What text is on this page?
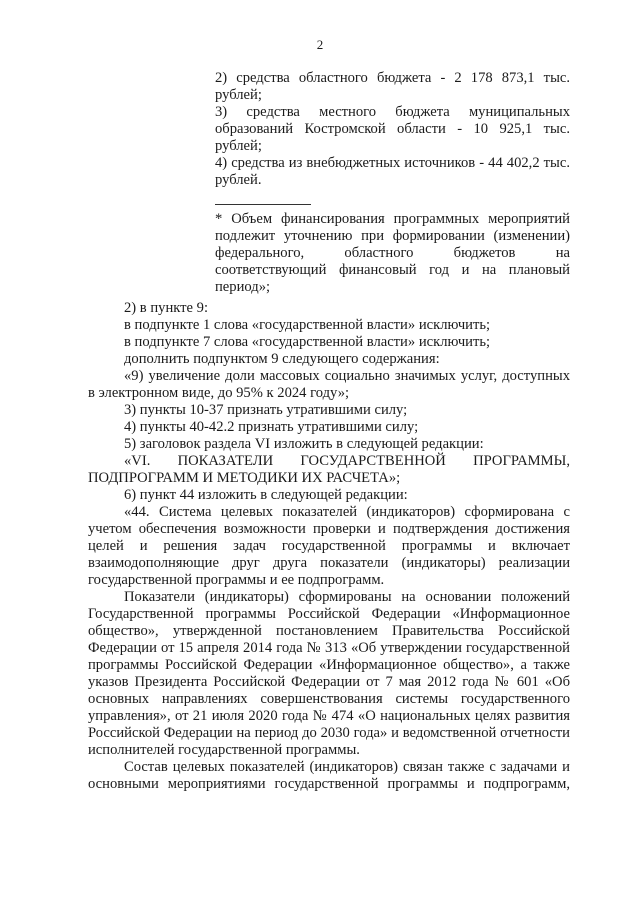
2

2) средства областного бюджета - 2 178 873,1 тыс. рублей;

3) средства местного бюджета муниципальных образований Костромской области - 10 925,1 тыс. рублей;

4) средства из внебюджетных источников - 44 402,2 тыс. рублей.

* Объем финансирования программных мероприятий подлежит уточнению при формировании (изменении) федерального, областного бюджетов на соответствующий финансовый год и на плановый период»;

2) в пункте 9:

в подпункте 1 слова «государственной власти» исключить;

в подпункте 7 слова «государственной власти» исключить;

дополнить подпунктом 9 следующего содержания:

«9) увеличение доли массовых социально значимых услуг, доступных в электронном виде, до 95% к 2024 году»;

3) пункты 10-37 признать утратившими силу;

4) пункты 40-42.2 признать утратившими силу;

5) заголовок раздела VI изложить в следующей редакции:

«VI. ПОКАЗАТЕЛИ ГОСУДАРСТВЕННОЙ ПРОГРАММЫ, ПОДПРОГРАММ И МЕТОДИКИ ИХ РАСЧЕТА»;

6) пункт 44 изложить в следующей редакции:

«44. Система целевых показателей (индикаторов) сформирована с учетом обеспечения возможности проверки и подтверждения достижения целей и решения задач государственной программы и включает взаимодополняющие друг друга показатели (индикаторы) реализации государственной программы и ее подпрограмм.

Показатели (индикаторы) сформированы на основании положений Государственной программы Российской Федерации «Информационное общество», утвержденной постановлением Правительства Российской Федерации от 15 апреля 2014 года № 313 «Об утверждении государственной программы Российской Федерации «Информационное общество», а также указов Президента Российской Федерации от 7 мая 2012 года № 601 «Об основных направлениях совершенствования системы государственного управления», от 21 июля 2020 года № 474 «О национальных целях развития Российской Федерации на период до 2030 года» и ведомственной отчетности исполнителей государственной программы.

Состав целевых показателей (индикаторов) связан также с задачами и основными мероприятиями государственной программы и подпрограмм,
